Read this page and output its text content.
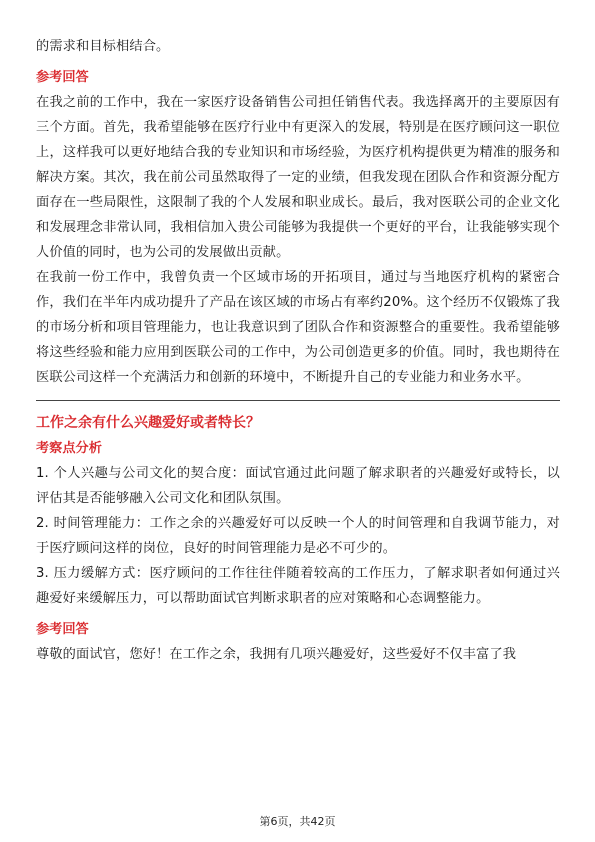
的需求和目标相结合。

参考回答

在我之前的工作中，我在一家医疗设备销售公司担任销售代表。我选择离开的主要原因有三个方面。首先，我希望能够在医疗行业中有更深入的发展，特别是在医疗顾问这一职位上，这样我可以更好地结合我的专业知识和市场经验，为医疗机构提供更为精准的服务和解决方案。其次，我在前公司虽然取得了一定的业绩，但我发现在团队合作和资源分配方面存在一些局限性，这限制了我的个人发展和职业成长。最后，我对医联公司的企业文化和发展理念非常认同，我相信加入贵公司能够为我提供一个更好的平台，让我能够实现个人价值的同时，也为公司的发展做出贡献。

在我前一份工作中，我曾负责一个区域市场的开拓项目，通过与当地医疗机构的紧密合作，我们在半年内成功提升了产品在该区域的市场占有率约20%。这个经历不仅锻炼了我的市场分析和项目管理能力，也让我意识到了团队合作和资源整合的重要性。我希望能够将这些经验和能力应用到医联公司的工作中，为公司创造更多的价值。同时，我也期待在医联公司这样一个充满活力和创新的环境中，不断提升自己的专业能力和业务水平。

工作之余有什么兴趣爱好或者特长？
考察点分析

1. 个人兴趣与公司文化的契合度：面试官通过此问题了解求职者的兴趣爱好或特长，以评估其是否能够融入公司文化和团队氛围。

2. 时间管理能力：工作之余的兴趣爱好可以反映一个人的时间管理和自我调节能力，对于医疗顾问这样的岗位，良好的时间管理能力是必不可少的。

3. 压力缓解方式：医疗顾问的工作往往伴随着较高的工作压力，了解求职者如何通过兴趣爱好来缓解压力，可以帮助面试官判断求职者的应对策略和心态调整能力。

参考回答

尊敬的面试官，您好！在工作之余，我拥有几项兴趣爱好，这些爱好不仅丰富了我

第6页，共42页
